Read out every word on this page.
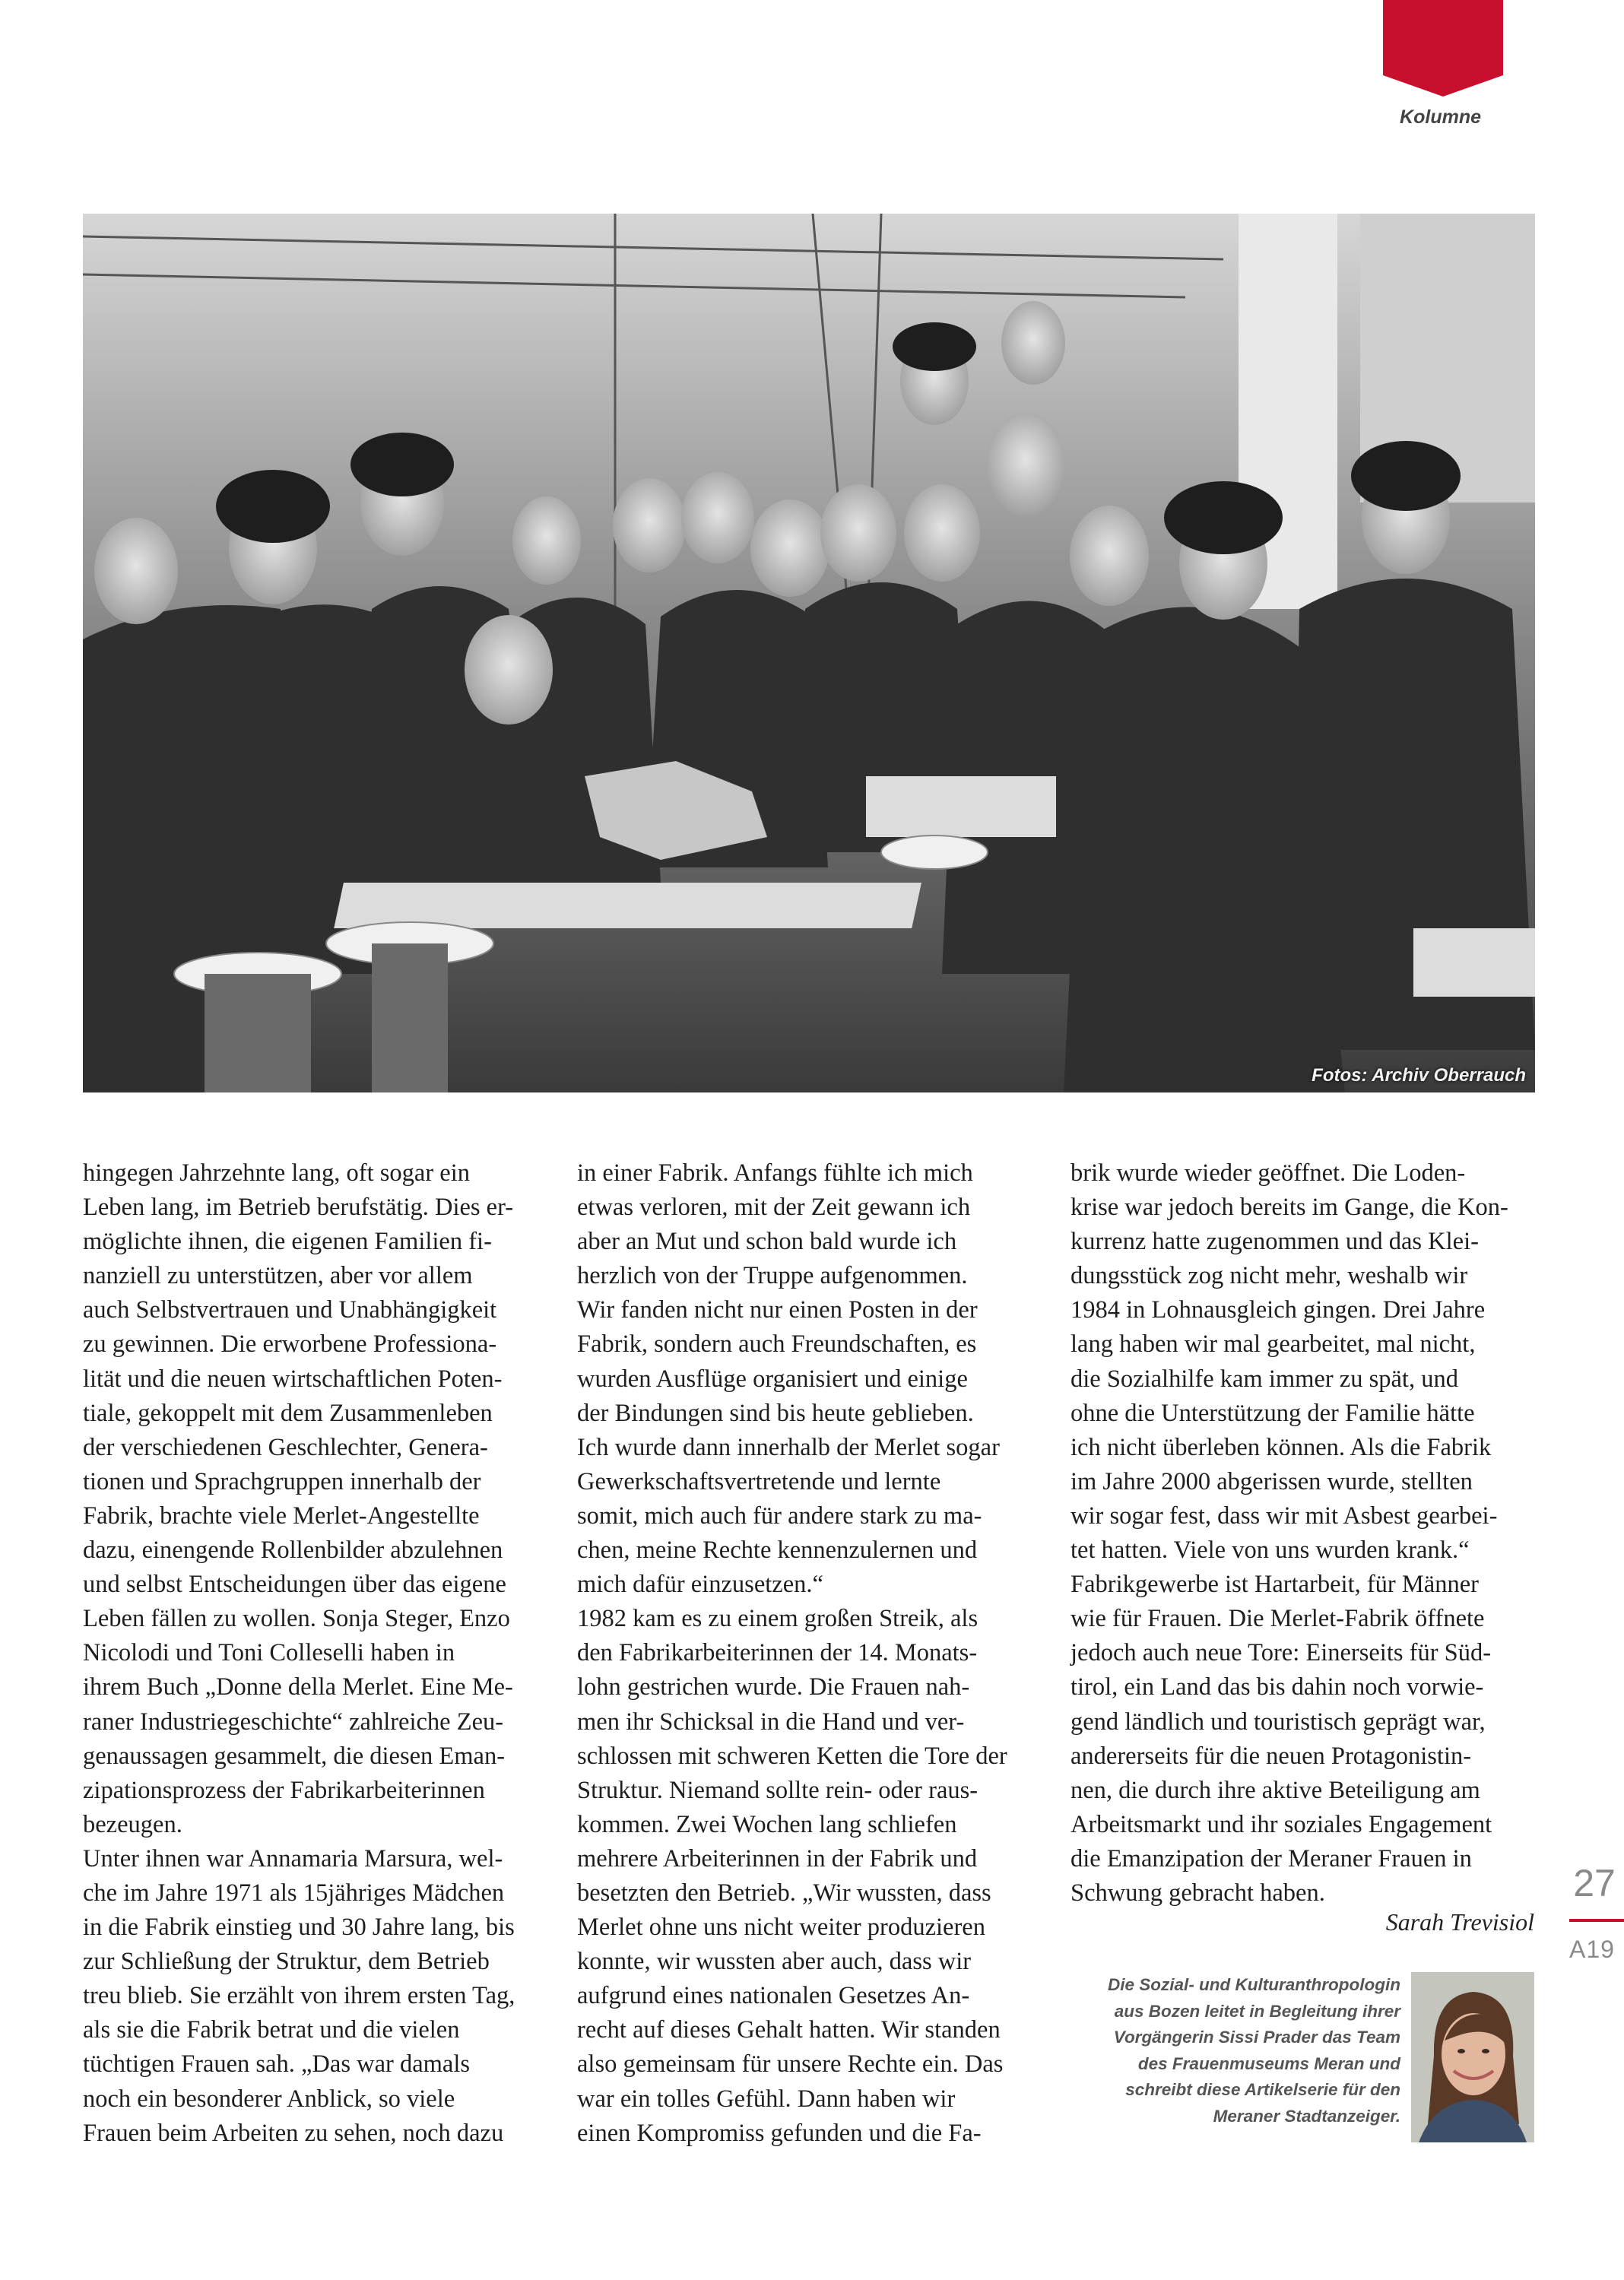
Kolumne
Fotos: Archiv Oberrauch

hingegen Jahrzehnte lang, oft sogar ein

Leben lang, im Betrieb berufstätig. Dies er-

möglichte ihnen, die eigenen Familien fi-

nanziell zu unterstützen, aber vor allem

auch Selbstvertrauen und Unabhängigkeit

zu gewinnen. Die erworbene Professiona-

lität und die neuen wirtschaftlichen Poten-

tiale, gekoppelt mit dem Zusammenleben

der verschiedenen Geschlechter, Genera-

tionen und Sprachgruppen innerhalb der

Fabrik, brachte viele Merlet-Angestellte

dazu, einengende Rollenbilder abzulehnen

und selbst Entscheidungen über das eigene

Leben fällen zu wollen. Sonja Steger, Enzo

Nicolodi und Toni Colleselli haben in

ihrem Buch „Donne della Merlet. Eine Me-

raner Industriegeschichte“ zahlreiche Zeu-

genaussagen gesammelt, die diesen Eman-

zipationsprozess der Fabrikarbeiterinnen

bezeugen.

Unter ihnen war Annamaria Marsura, wel-

che im Jahre 1971 als 15jähriges Mädchen

in die Fabrik einstieg und 30 Jahre lang, bis

zur Schließung der Struktur, dem Betrieb

treu blieb. Sie erzählt von ihrem ersten Tag,

als sie die Fabrik betrat und die vielen

tüchtigen Frauen sah. „Das war damals

noch ein besonderer Anblick, so viele

Frauen beim Arbeiten zu sehen, noch dazu

in einer Fabrik. Anfangs fühlte ich mich

etwas verloren, mit der Zeit gewann ich

aber an Mut und schon bald wurde ich

herzlich von der Truppe aufgenommen.

Wir fanden nicht nur einen Posten in der

Fabrik, sondern auch Freundschaften, es

wurden Ausflüge organisiert und einige

der Bindungen sind bis heute geblieben.

Ich wurde dann innerhalb der Merlet sogar

Gewerkschaftsvertretende und lernte

somit, mich auch für andere stark zu ma-

chen, meine Rechte kennenzulernen und

mich dafür einzusetzen.“

1982 kam es zu einem großen Streik, als

den Fabrikarbeiterinnen der 14. Monats-

lohn gestrichen wurde. Die Frauen nah-

men ihr Schicksal in die Hand und ver-

schlossen mit schweren Ketten die Tore der

Struktur. Niemand sollte rein- oder raus-

kommen. Zwei Wochen lang schliefen

mehrere Arbeiterinnen in der Fabrik und

besetzten den Betrieb. „Wir wussten, dass

Merlet ohne uns nicht weiter produzieren

konnte, wir wussten aber auch, dass wir

aufgrund eines nationalen Gesetzes An-

recht auf dieses Gehalt hatten. Wir standen

also gemeinsam für unsere Rechte ein. Das

war ein tolles Gefühl. Dann haben wir

einen Kompromiss gefunden und die Fa-

brik wurde wieder geöffnet. Die Loden-

krise war jedoch bereits im Gange, die Kon-

kurrenz hatte zugenommen und das Klei-

dungsstück zog nicht mehr, weshalb wir

1984 in Lohnausgleich gingen. Drei Jahre

lang haben wir mal gearbeitet, mal nicht,

die Sozialhilfe kam immer zu spät, und

ohne die Unterstützung der Familie hätte

ich nicht überleben können. Als die Fabrik

im Jahre 2000 abgerissen wurde, stellten

wir sogar fest, dass wir mit Asbest gearbei-

tet hatten. Viele von uns wurden krank.“

Fabrikgewerbe ist Hartarbeit, für Männer

wie für Frauen. Die Merlet-Fabrik öffnete

jedoch auch neue Tore: Einerseits für Süd-

tirol, ein Land das bis dahin noch vorwie-

gend ländlich und touristisch geprägt war,

andererseits für die neuen Protagonistin-

nen, die durch ihre aktive Beteiligung am

Arbeitsmarkt und ihr soziales Engagement

die Emanzipation der Meraner Frauen in

Schwung gebracht haben.

Sarah Trevisiol

Die Sozial- und Kulturanthropologin

aus Bozen leitet in Begleitung ihrer

Vorgängerin Sissi Prader das Team

des Frauenmuseums Meran und

schreibt diese Artikelserie für den

Meraner Stadtanzeiger.

27
A19
